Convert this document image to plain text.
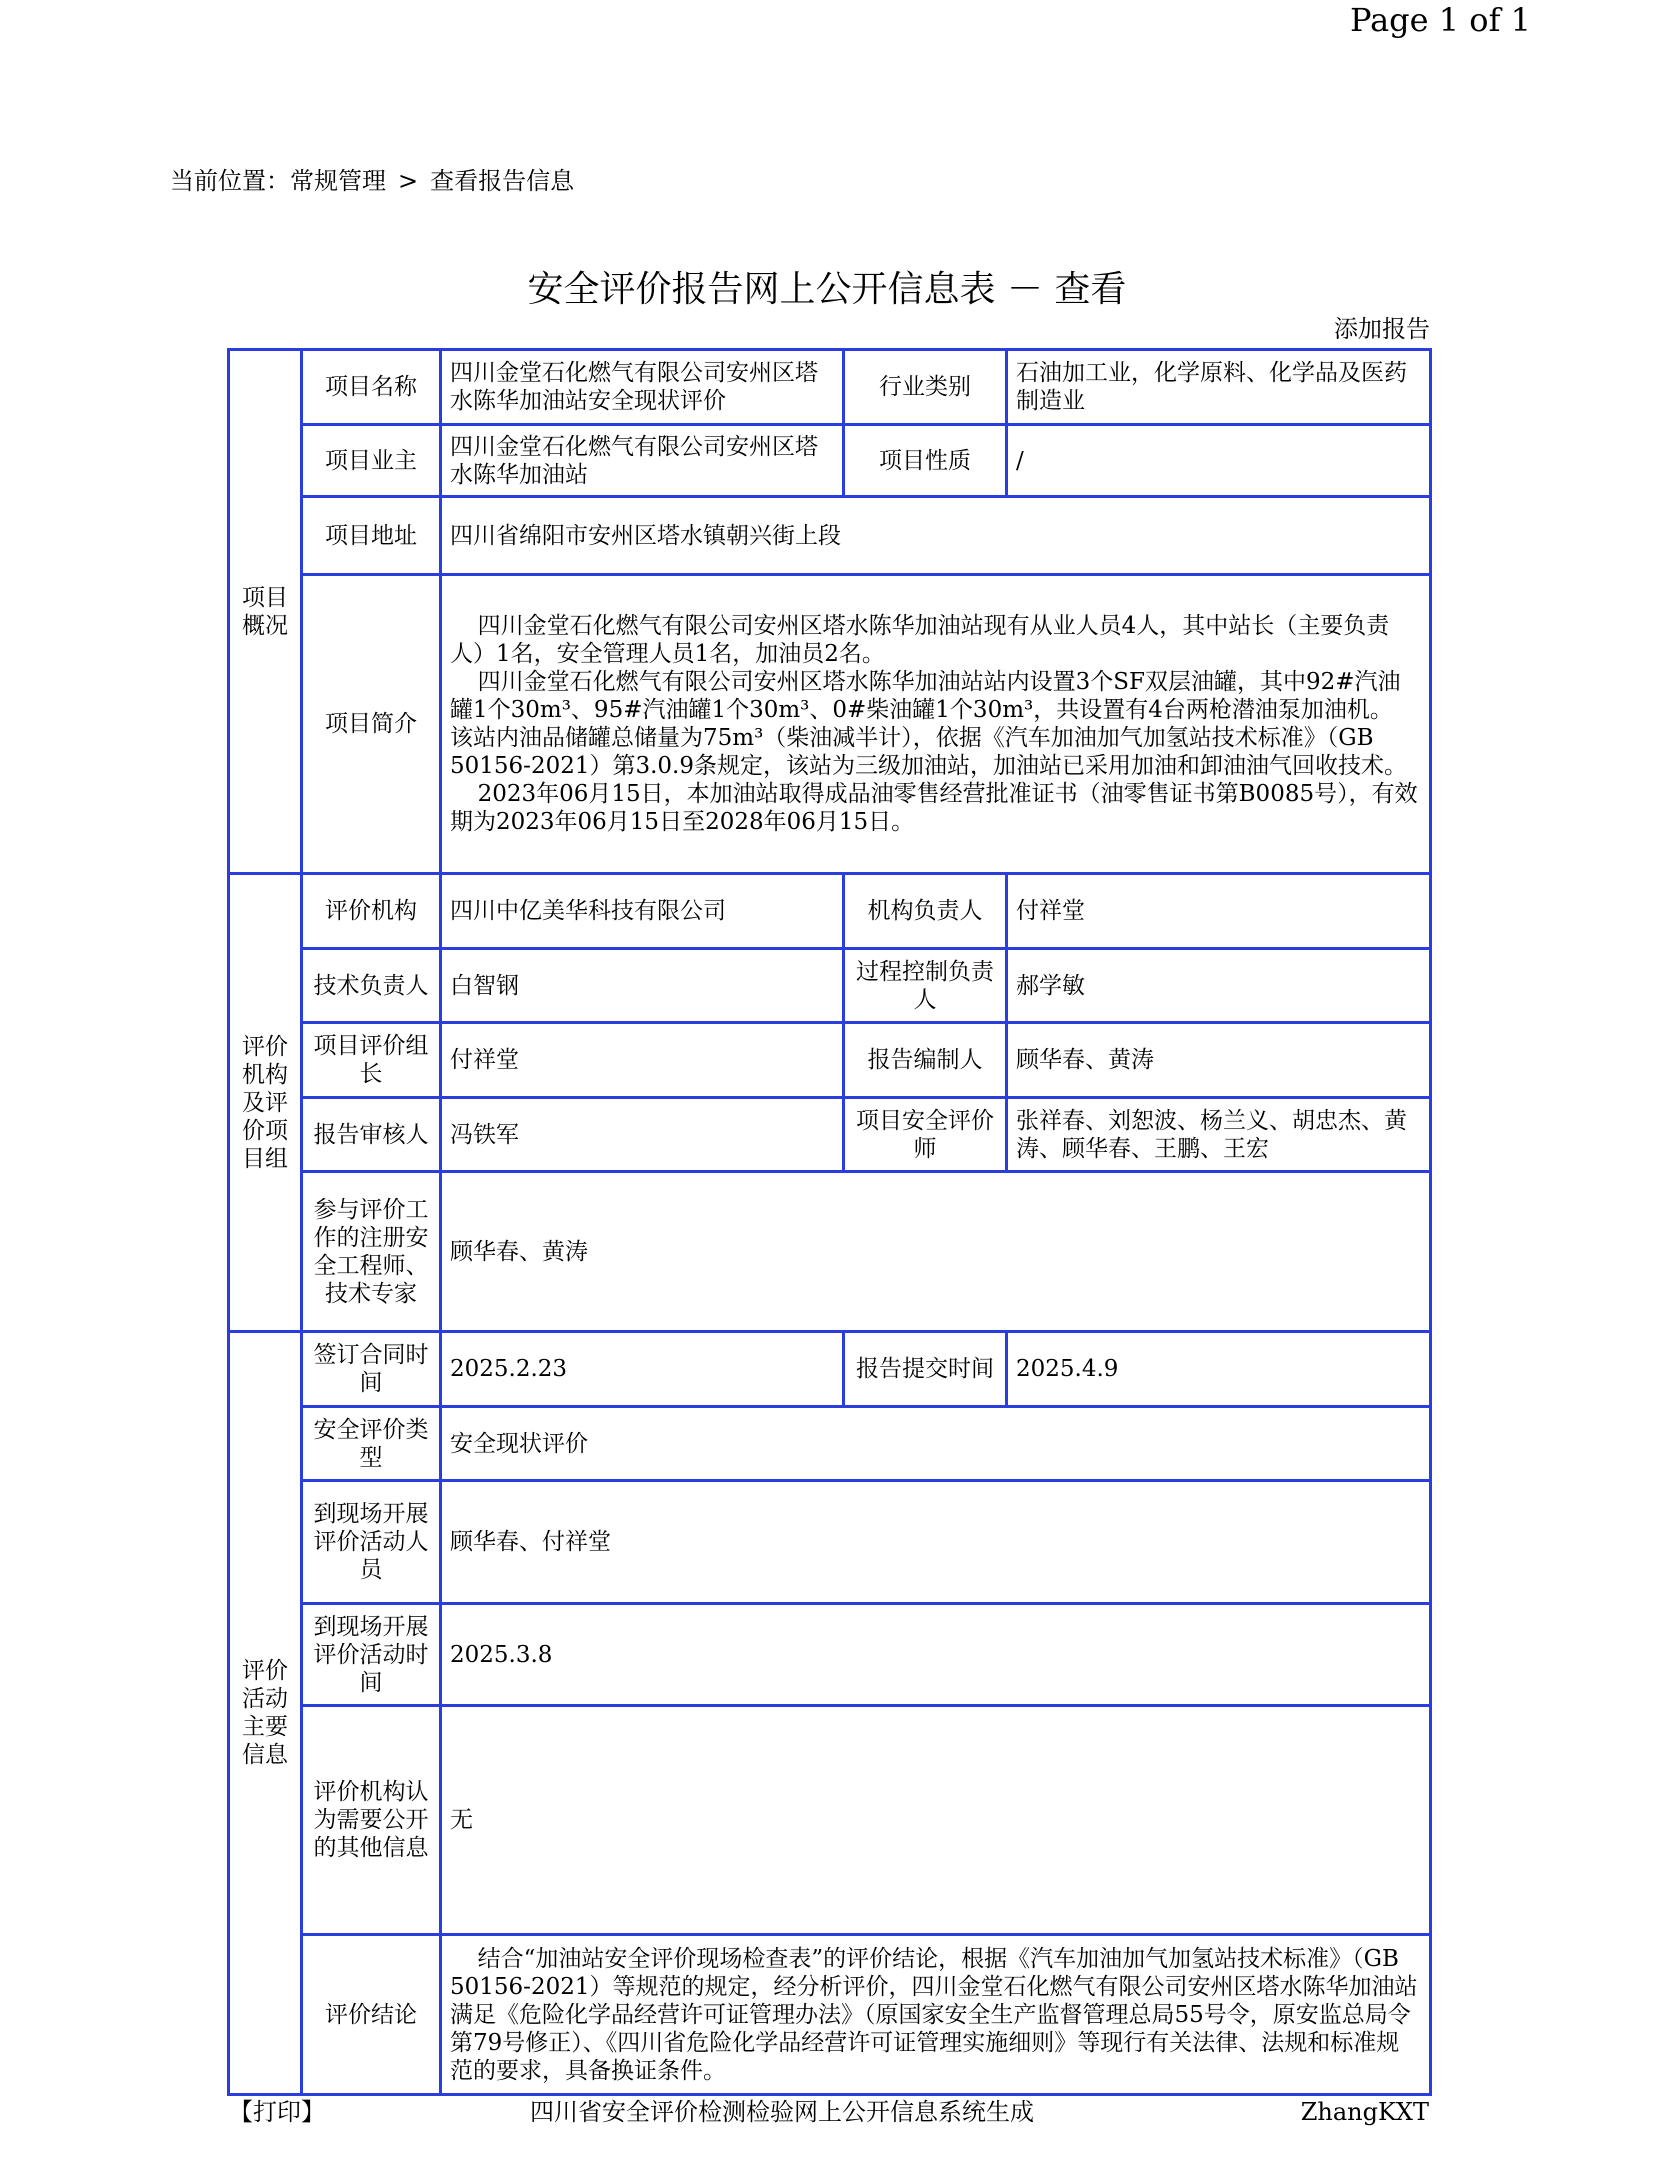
Page 1 of 1
当前位置：常规管理 > 查看报告信息
安全评价报告网上公开信息表 － 查看
添加报告
项目概况	项目名称	四川金堂石化燃气有限公司安州区塔水陈华加油站安全现状评价	行业类别	石油加工业，化学原料、化学品及医药制造业
	项目业主	四川金堂石化燃气有限公司安州区塔水陈华加油站	项目性质	/
	项目地址	四川省绵阳市安州区塔水镇朝兴街上段		
	项目简介	四川金堂石化燃气有限公司安州区塔水陈华加油站现有从业人员4人，其中站长（主要负责人）1名，安全管理人员1名，加油员2名。
四川金堂石化燃气有限公司安州区塔水陈华加油站站内设置3个SF双层油罐，其中92#汽油罐1个30m³、95#汽油罐1个30m³、0#柴油罐1个30m³，共设置有4台两枪潜油泵加油机。
该站内油品储罐总储量为75m³（柴油减半计），依据《汽车加油加气加氢站技术标准》（GB 50156-2021）第3.0.9条规定，该站为三级加油站，加油站已采用加油和卸油油气回收技术。
2023年06月15日，本加油站取得成品油零售经营批准证书（油零售证书第B0085号），有效期为2023年06月15日至2028年06月15日。		

评价机构及评价项目组	评价机构	四川中亿美华科技有限公司	机构负责人	付祥堂
	技术负责人	白智钢	过程控制负责人	郝学敏
	项目评价组长	付祥堂	报告编制人	顾华春、黄涛
	报告审核人	冯铁军	项目安全评价师	张祥春、刘恕波、杨兰义、胡忠杰、黄涛、顾华春、王鹏、王宏
	参与评价工作的注册安全工程师、技术专家	顾华春、黄涛		
评价活动主要信息	签订合同时间	2025.2.23	报告提交时间	2025.4.9
	安全评价类型	安全现状评价		
	到现场开展评价活动人员	顾华春、付祥堂		
	到现场开展评价活动时间	2025.3.8		
	评价机构认为需要公开的其他信息	无		
	评价结论	结合“加油站安全评价现场检查表”的评价结论，根据《汽车加油加气加氢站技术标准》（GB 50156-2021）等规范的规定，经分析评价，四川金堂石化燃气有限公司安州区塔水陈华加油站满足《危险化学品经营许可证管理办法》（原国家安全生产监督管理总局55号令，原安监总局令第79号修正）、《四川省危险化学品经营许可证管理实施细则》等现行有关法律、法规和标准规范的要求，具备换证条件。		
【打印】	四川省安全评价检测检验网上公开信息系统生成	ZhangKXT
